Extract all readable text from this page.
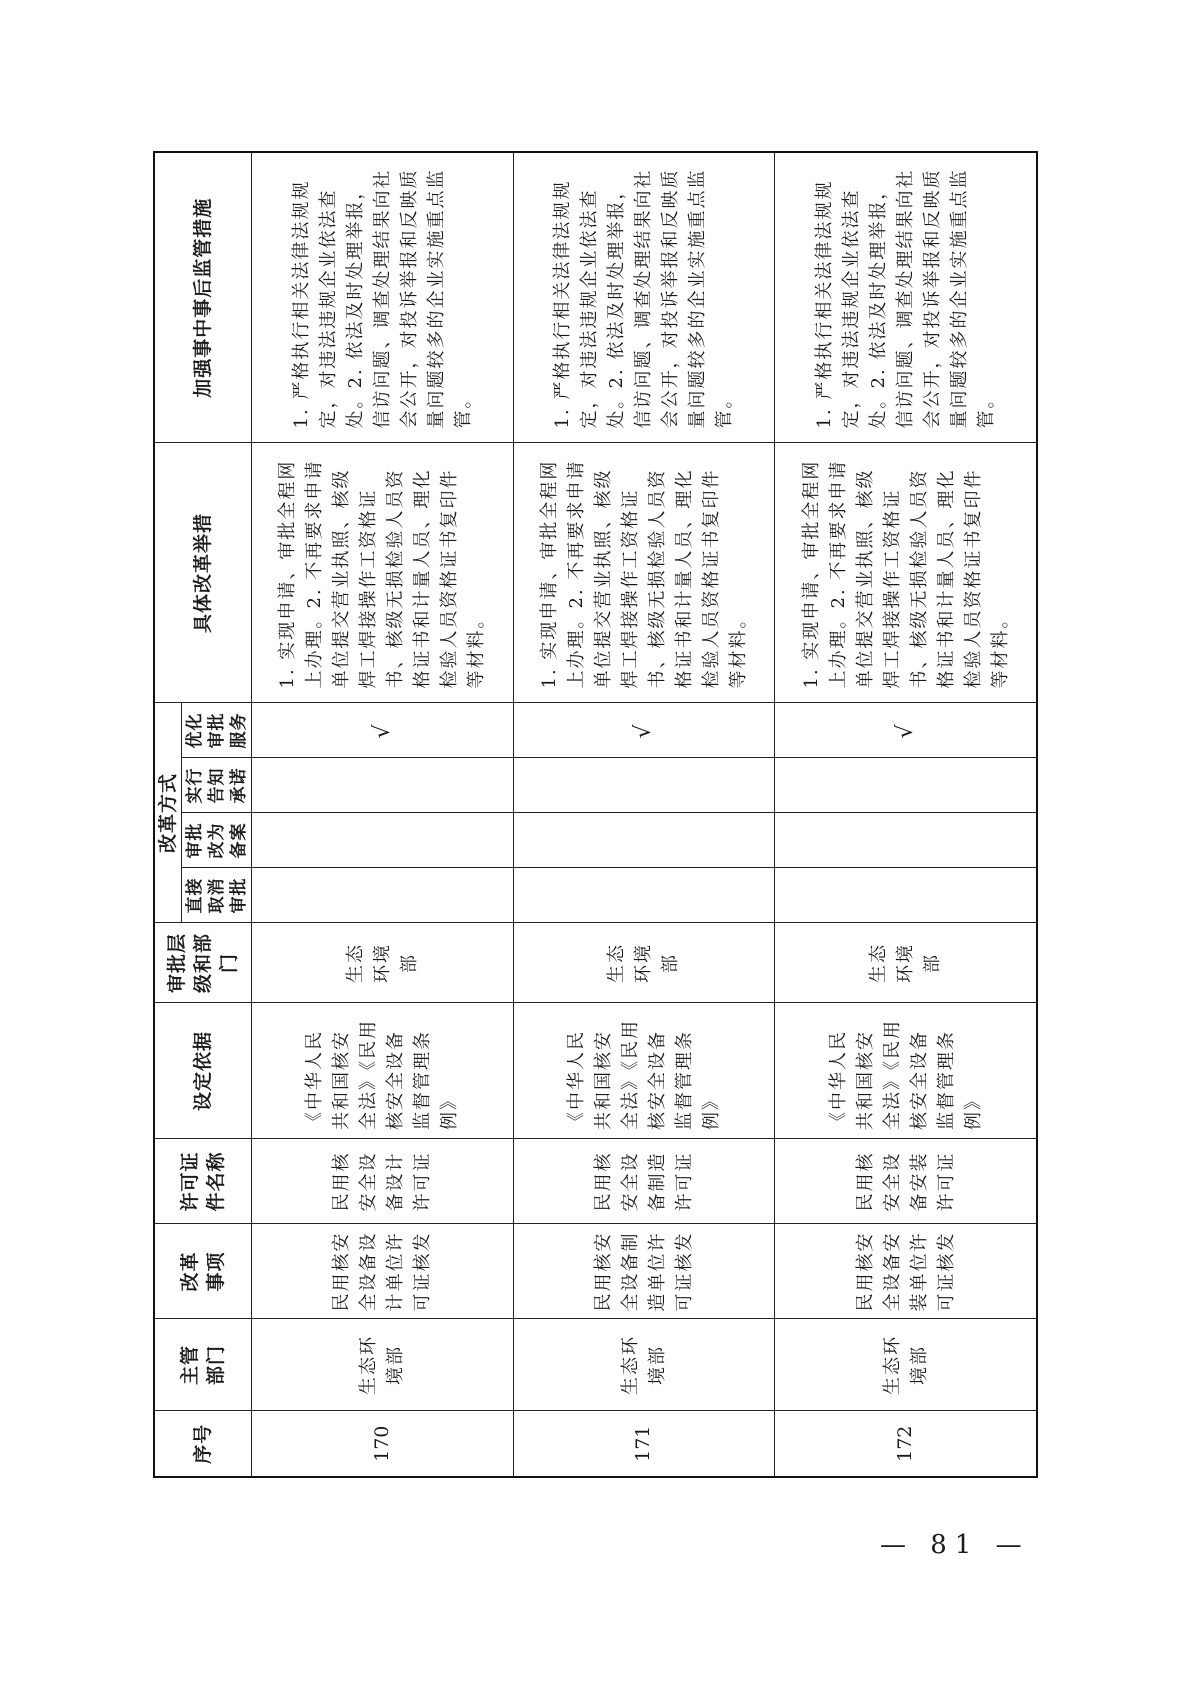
序号	主管部门	改革事项	许可证件名称	设定依据	审批层级和部门	改革方式				具体改革举措	加强事中事后监管措施
						直接取消审批	审批改为备案	实行告知承诺	优化审批服务		
170	生态环境部	民用核安全设备设计单位许可证核发	民用核安全设备设计许可证	《中华人民共和国核安全法》《民用核安全设备监督管理条例》	生态环境部				√	1. 实现申请、审批全程网上办理。2. 不再要求申请单位提交营业执照、核级焊工焊接操作工资格证书、核级无损检验人员资格证书和计量人员、理化检验人员资格证书复印件等材料。	1. 严格执行相关法律法规规定，对违法违规企业依法查处。2. 依法及时处理举报，信访问题、调查处理结果向社会公开，对投诉举报和反映质量问题较多的企业实施重点监管。
171	生态环境部	民用核安全设备制造单位许可证核发	民用核安全设备制造许可证	《中华人民共和国核安全法》《民用核安全设备监督管理条例》	生态环境部				√	1. 实现申请、审批全程网上办理。2. 不再要求申请单位提交营业执照、核级焊工焊接操作工资格证书、核级无损检验人员资格证书和计量人员、理化检验人员资格证书复印件等材料。	1. 严格执行相关法律法规规定，对违法违规企业依法查处。2. 依法及时处理举报，信访问题、调查处理结果向社会公开，对投诉举报和反映质量问题较多的企业实施重点监管。
172	生态环境部	民用核安全设备安装单位许可证核发	民用核安全设备安装许可证	《中华人民共和国核安全法》《民用核安全设备监督管理条例》	生态环境部				√	1. 实现申请、审批全程网上办理。2. 不再要求申请单位提交营业执照、核级焊工焊接操作工资格证书、核级无损检验人员资格证书和计量人员、理化检验人员资格证书复印件等材料。	1. 严格执行相关法律法规规定，对违法违规企业依法查处。2. 依法及时处理举报，信访问题、调查处理结果向社会公开，对投诉举报和反映质量问题较多的企业实施重点监管。
— 81 —
